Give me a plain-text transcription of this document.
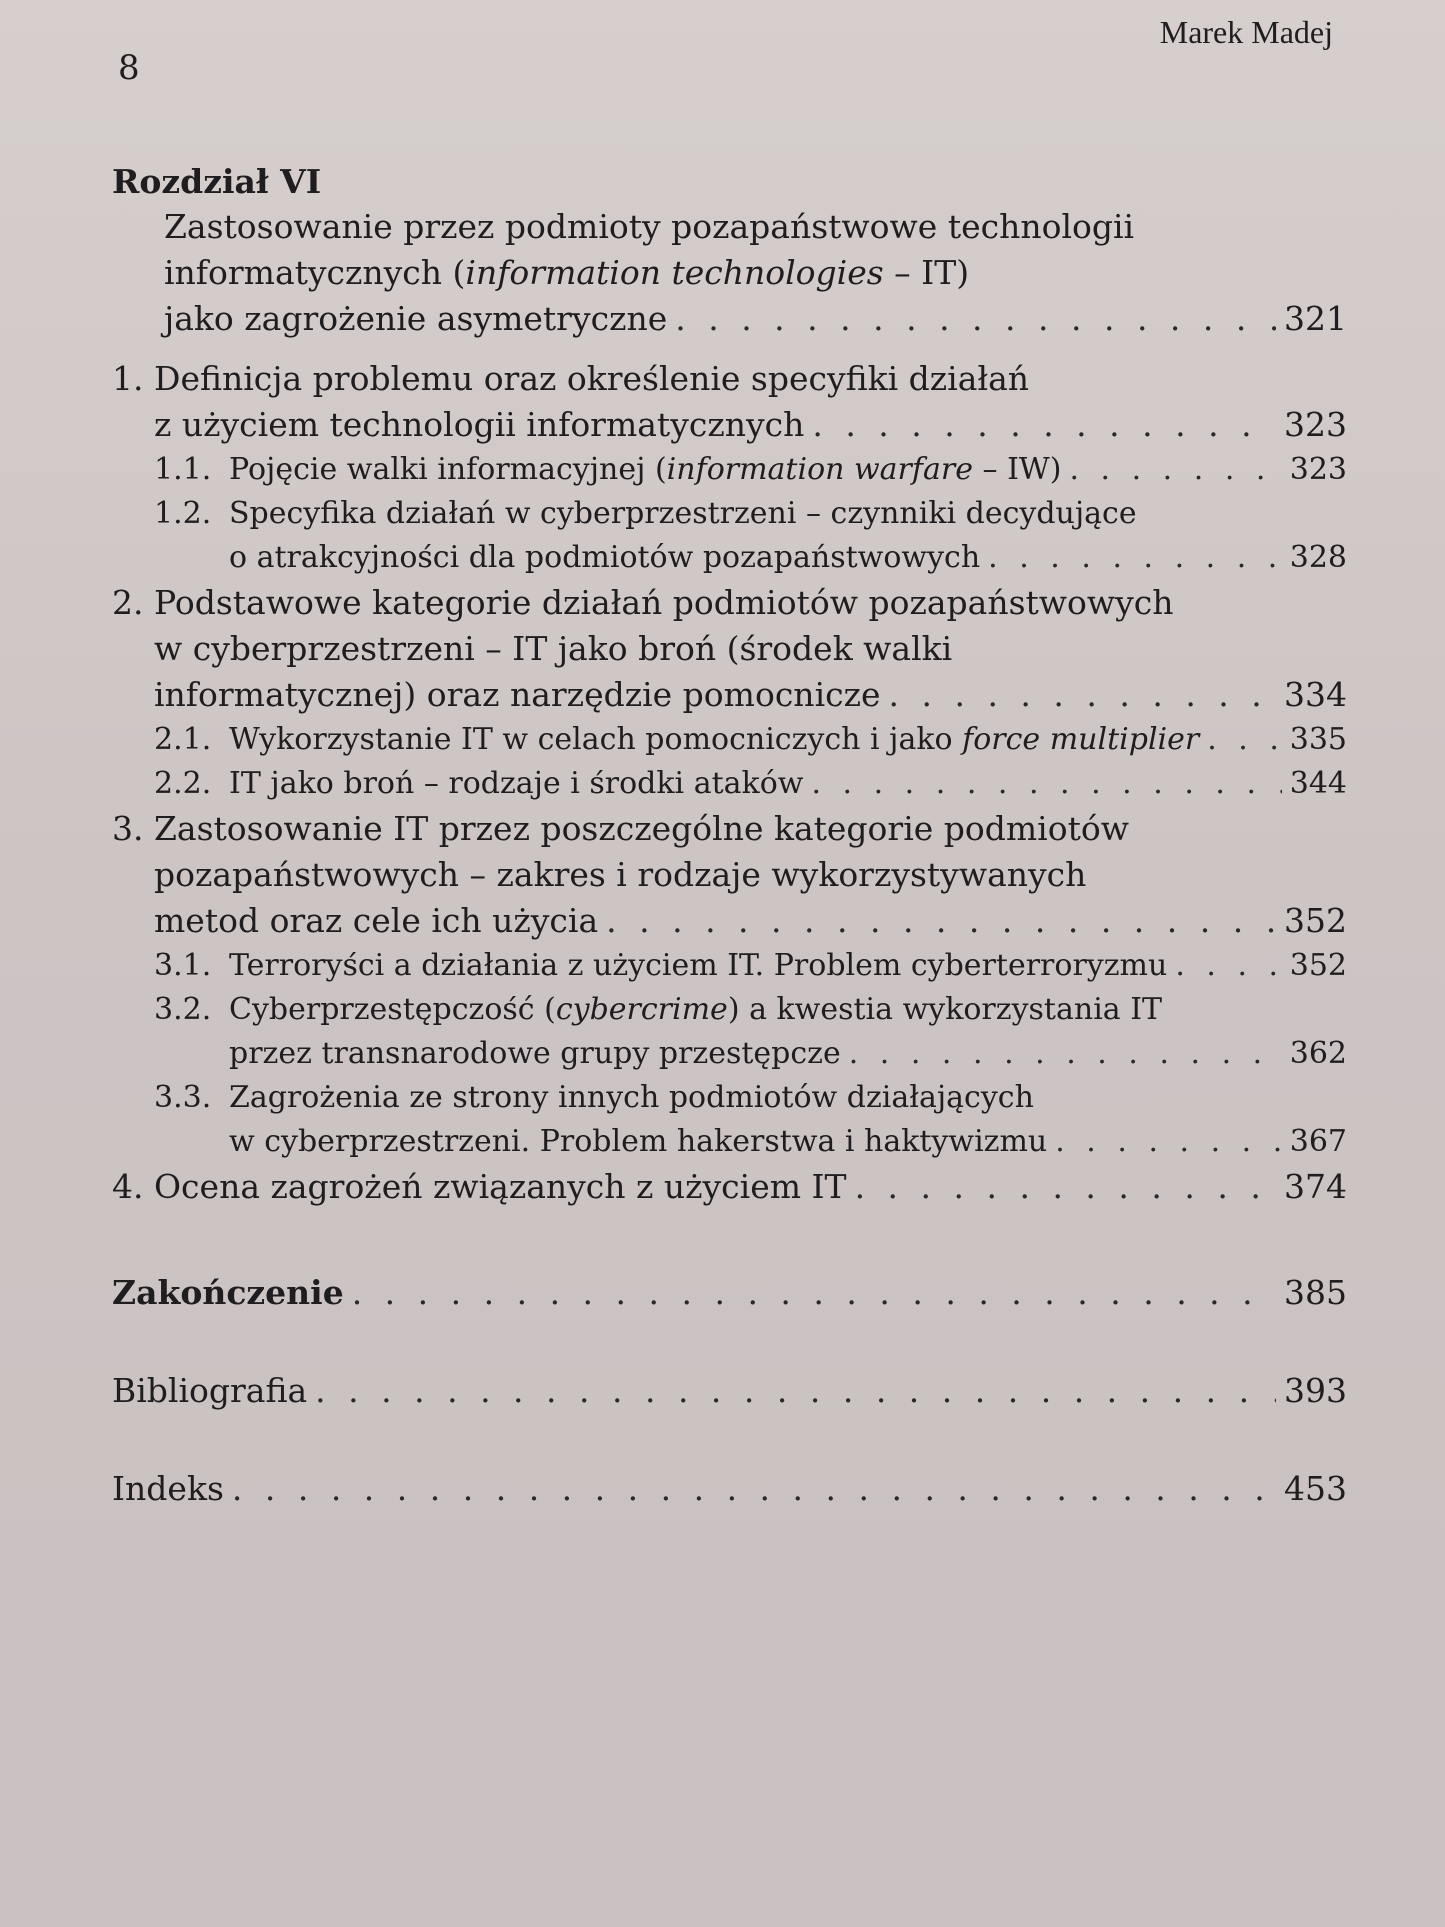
8
Marek Madej
Rozdział VI
Zastosowanie przez podmioty pozapaństwowe technologii
informatycznych (information technologies – IT)
jako zagrożenie asymetryczne . . .	321
1. Definicja problemu oraz określenie specyfiki działań
z użyciem technologii informatycznych . . .	323
1.1. Pojęcie walki informacyjnej (information warfare – IW) . . .	323
1.2. Specyfika działań w cyberprzestrzeni – czynniki decydujące
o atrakcyjności dla podmiotów pozapaństwowych . . .	328
2. Podstawowe kategorie działań podmiotów pozapaństwowych
w cyberprzestrzeni – IT jako broń (środek walki
informatycznej) oraz narzędzie pomocnicze . . .	334
2.1. Wykorzystanie IT w celach pomocniczych i jako force multiplier . . .	335
2.2. IT jako broń – rodzaje i środki ataków . . .	344
3. Zastosowanie IT przez poszczególne kategorie podmiotów
pozapaństwowych – zakres i rodzaje wykorzystywanych
metod oraz cele ich użycia . . .	352
3.1. Terroryści a działania z użyciem IT. Problem cyberterroryzmu . . .	352
3.2. Cyberprzestępczość (cybercrime) a kwestia wykorzystania IT
przez transnarodowe grupy przestępcze . . .	362
3.3. Zagrożenia ze strony innych podmiotów działających
w cyberprzestrzeni. Problem hakerstwa i haktywizmu . . .	367
4. Ocena zagrożeń związanych z użyciem IT . . .	374
Zakończenie . . .	385
Bibliografia . . .	393
Indeks . . .	453
